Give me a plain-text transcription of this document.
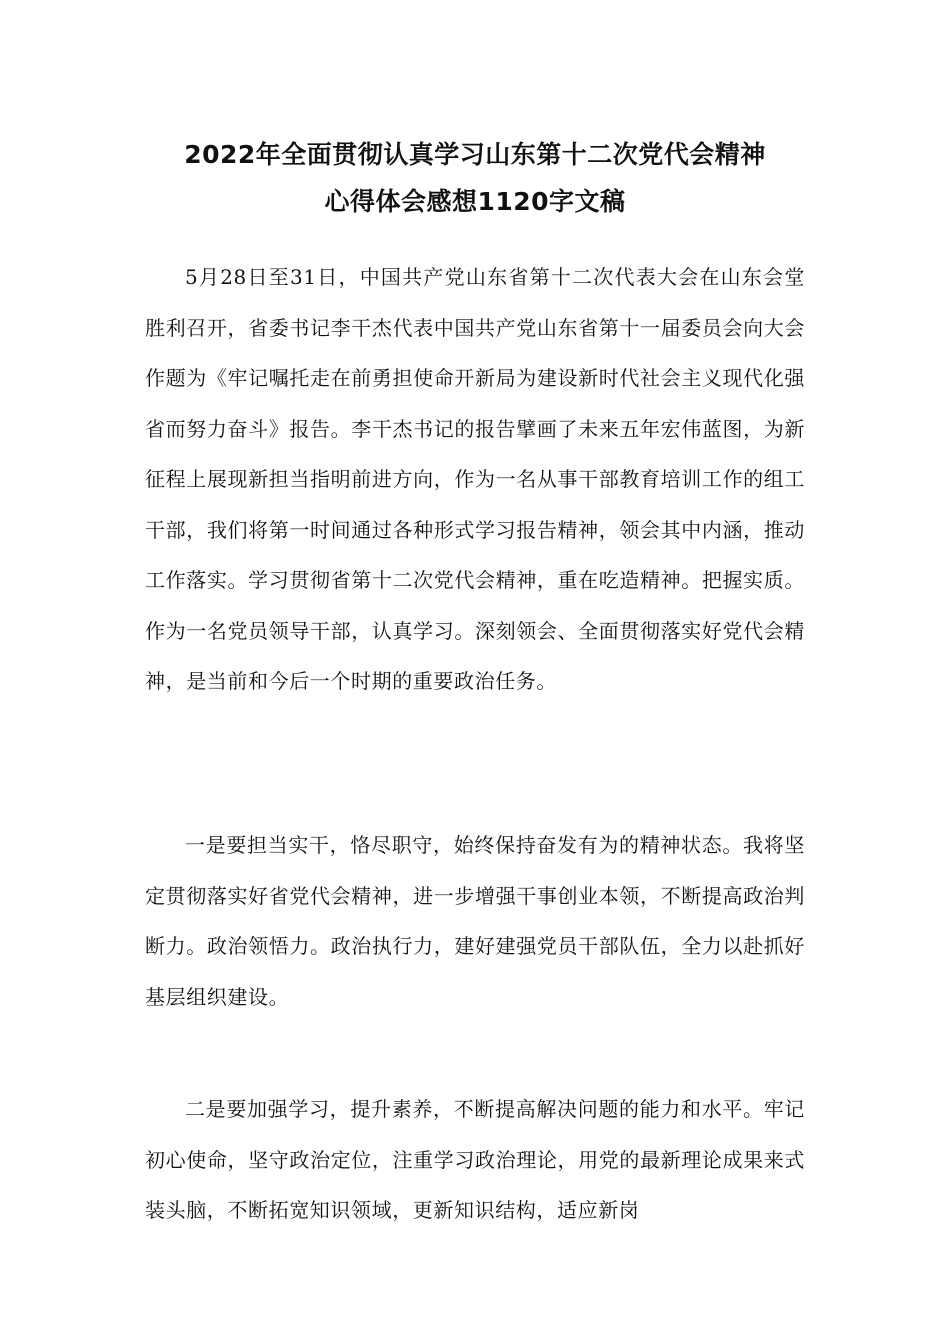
2022年全面贯彻认真学习山东第十二次党代会精神
心得体会感想1120字文稿

5月28日至31日，中国共产党山东省第十二次代表大会在山东会堂胜利召开，省委书记李干杰代表中国共产党山东省第十一届委员会向大会作题为《牢记嘱托走在前勇担使命开新局为建设新时代社会主义现代化强省而努力奋斗》报告。李干杰书记的报告擘画了未来五年宏伟蓝图，为新征程上展现新担当指明前进方向，作为一名从事干部教育培训工作的组工干部，我们将第一时间通过各种形式学习报告精神，领会其中内涵，推动工作落实。学习贯彻省第十二次党代会精神，重在吃造精神。把握实质。作为一名党员领导干部，认真学习。深刻领会、全面贯彻落实好党代会精神，是当前和今后一个时期的重要政治任务。

一是要担当实干，恪尽职守，始终保持奋发有为的精神状态。我将坚定贯彻落实好省党代会精神，进一步增强干事创业本领，不断提高政治判断力。政治领悟力。政治执行力，建好建强党员干部队伍，全力以赴抓好基层组织建设。

二是要加强学习，提升素养，不断提高解决问题的能力和水平。牢记初心使命，坚守政治定位，注重学习政治理论，用党的最新理论成果来式装头脑，不断拓宽知识领域，更新知识结构，适应新岗
